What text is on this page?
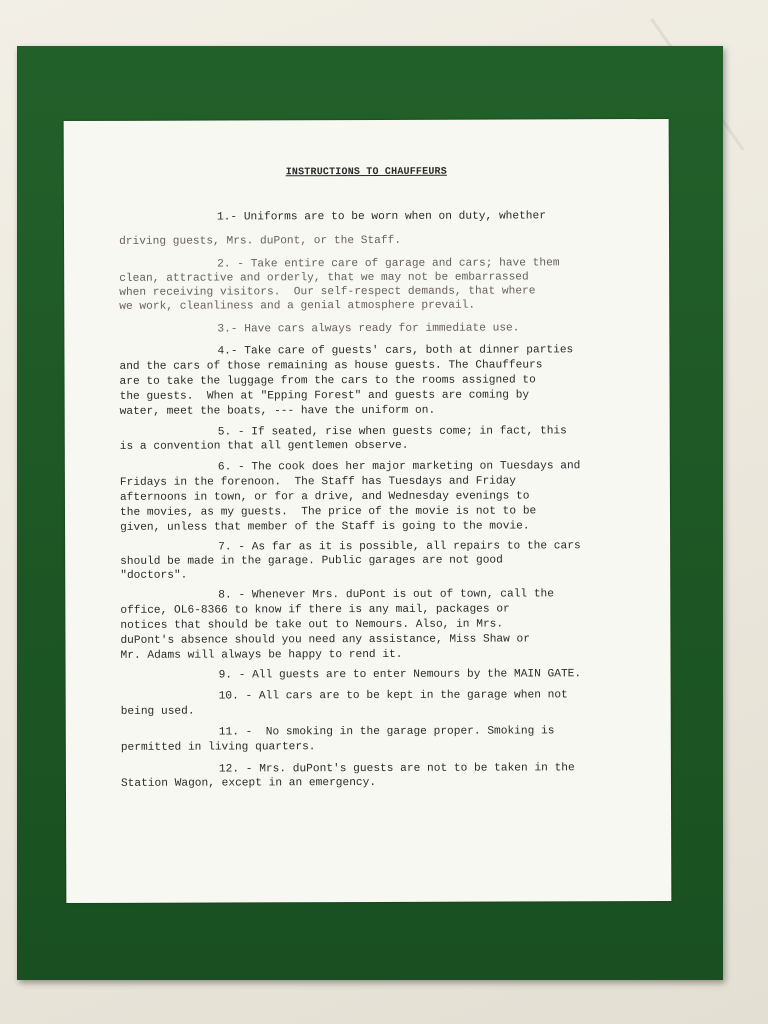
INSTRUCTIONS TO CHAUFFEURS
1.- Uniforms are to be worn when on duty, whether
driving guests, Mrs. duPont, or the Staff.
2. - Take entire care of garage and cars; have them
clean, attractive and orderly, that we may not be embarrassed
when receiving visitors.  Our self-respect demands, that where
we work, cleanliness and a genial atmosphere prevail.
3.- Have cars always ready for immediate use.
4.- Take care of guests' cars, both at dinner parties
and the cars of those remaining as house guests. The Chauffeurs
are to take the luggage from the cars to the rooms assigned to
the guests.  When at "Epping Forest" and guests are coming by
water, meet the boats, --- have the uniform on.
5. - If seated, rise when guests come; in fact, this
is a convention that all gentlemen observe.
6. - The cook does her major marketing on Tuesdays and
Fridays in the forenoon.  The Staff has Tuesdays and Friday
afternoons in town, or for a drive, and Wednesday evenings to
the movies, as my guests.  The price of the movie is not to be
given, unless that member of the Staff is going to the movie.
7. - As far as it is possible, all repairs to the cars
should be made in the garage. Public garages are not good
"doctors".
8. - Whenever Mrs. duPont is out of town, call the
office, OL6-8366 to know if there is any mail, packages or
notices that should be take out to Nemours. Also, in Mrs.
duPont's absence should you need any assistance, Miss Shaw or
Mr. Adams will always be happy to rend it.
9. - All guests are to enter Nemours by the MAIN GATE.
10. - All cars are to be kept in the garage when not
being used.
11. -  No smoking in the garage proper. Smoking is
permitted in living quarters.
12. - Mrs. duPont's guests are not to be taken in the
Station Wagon, except in an emergency.
